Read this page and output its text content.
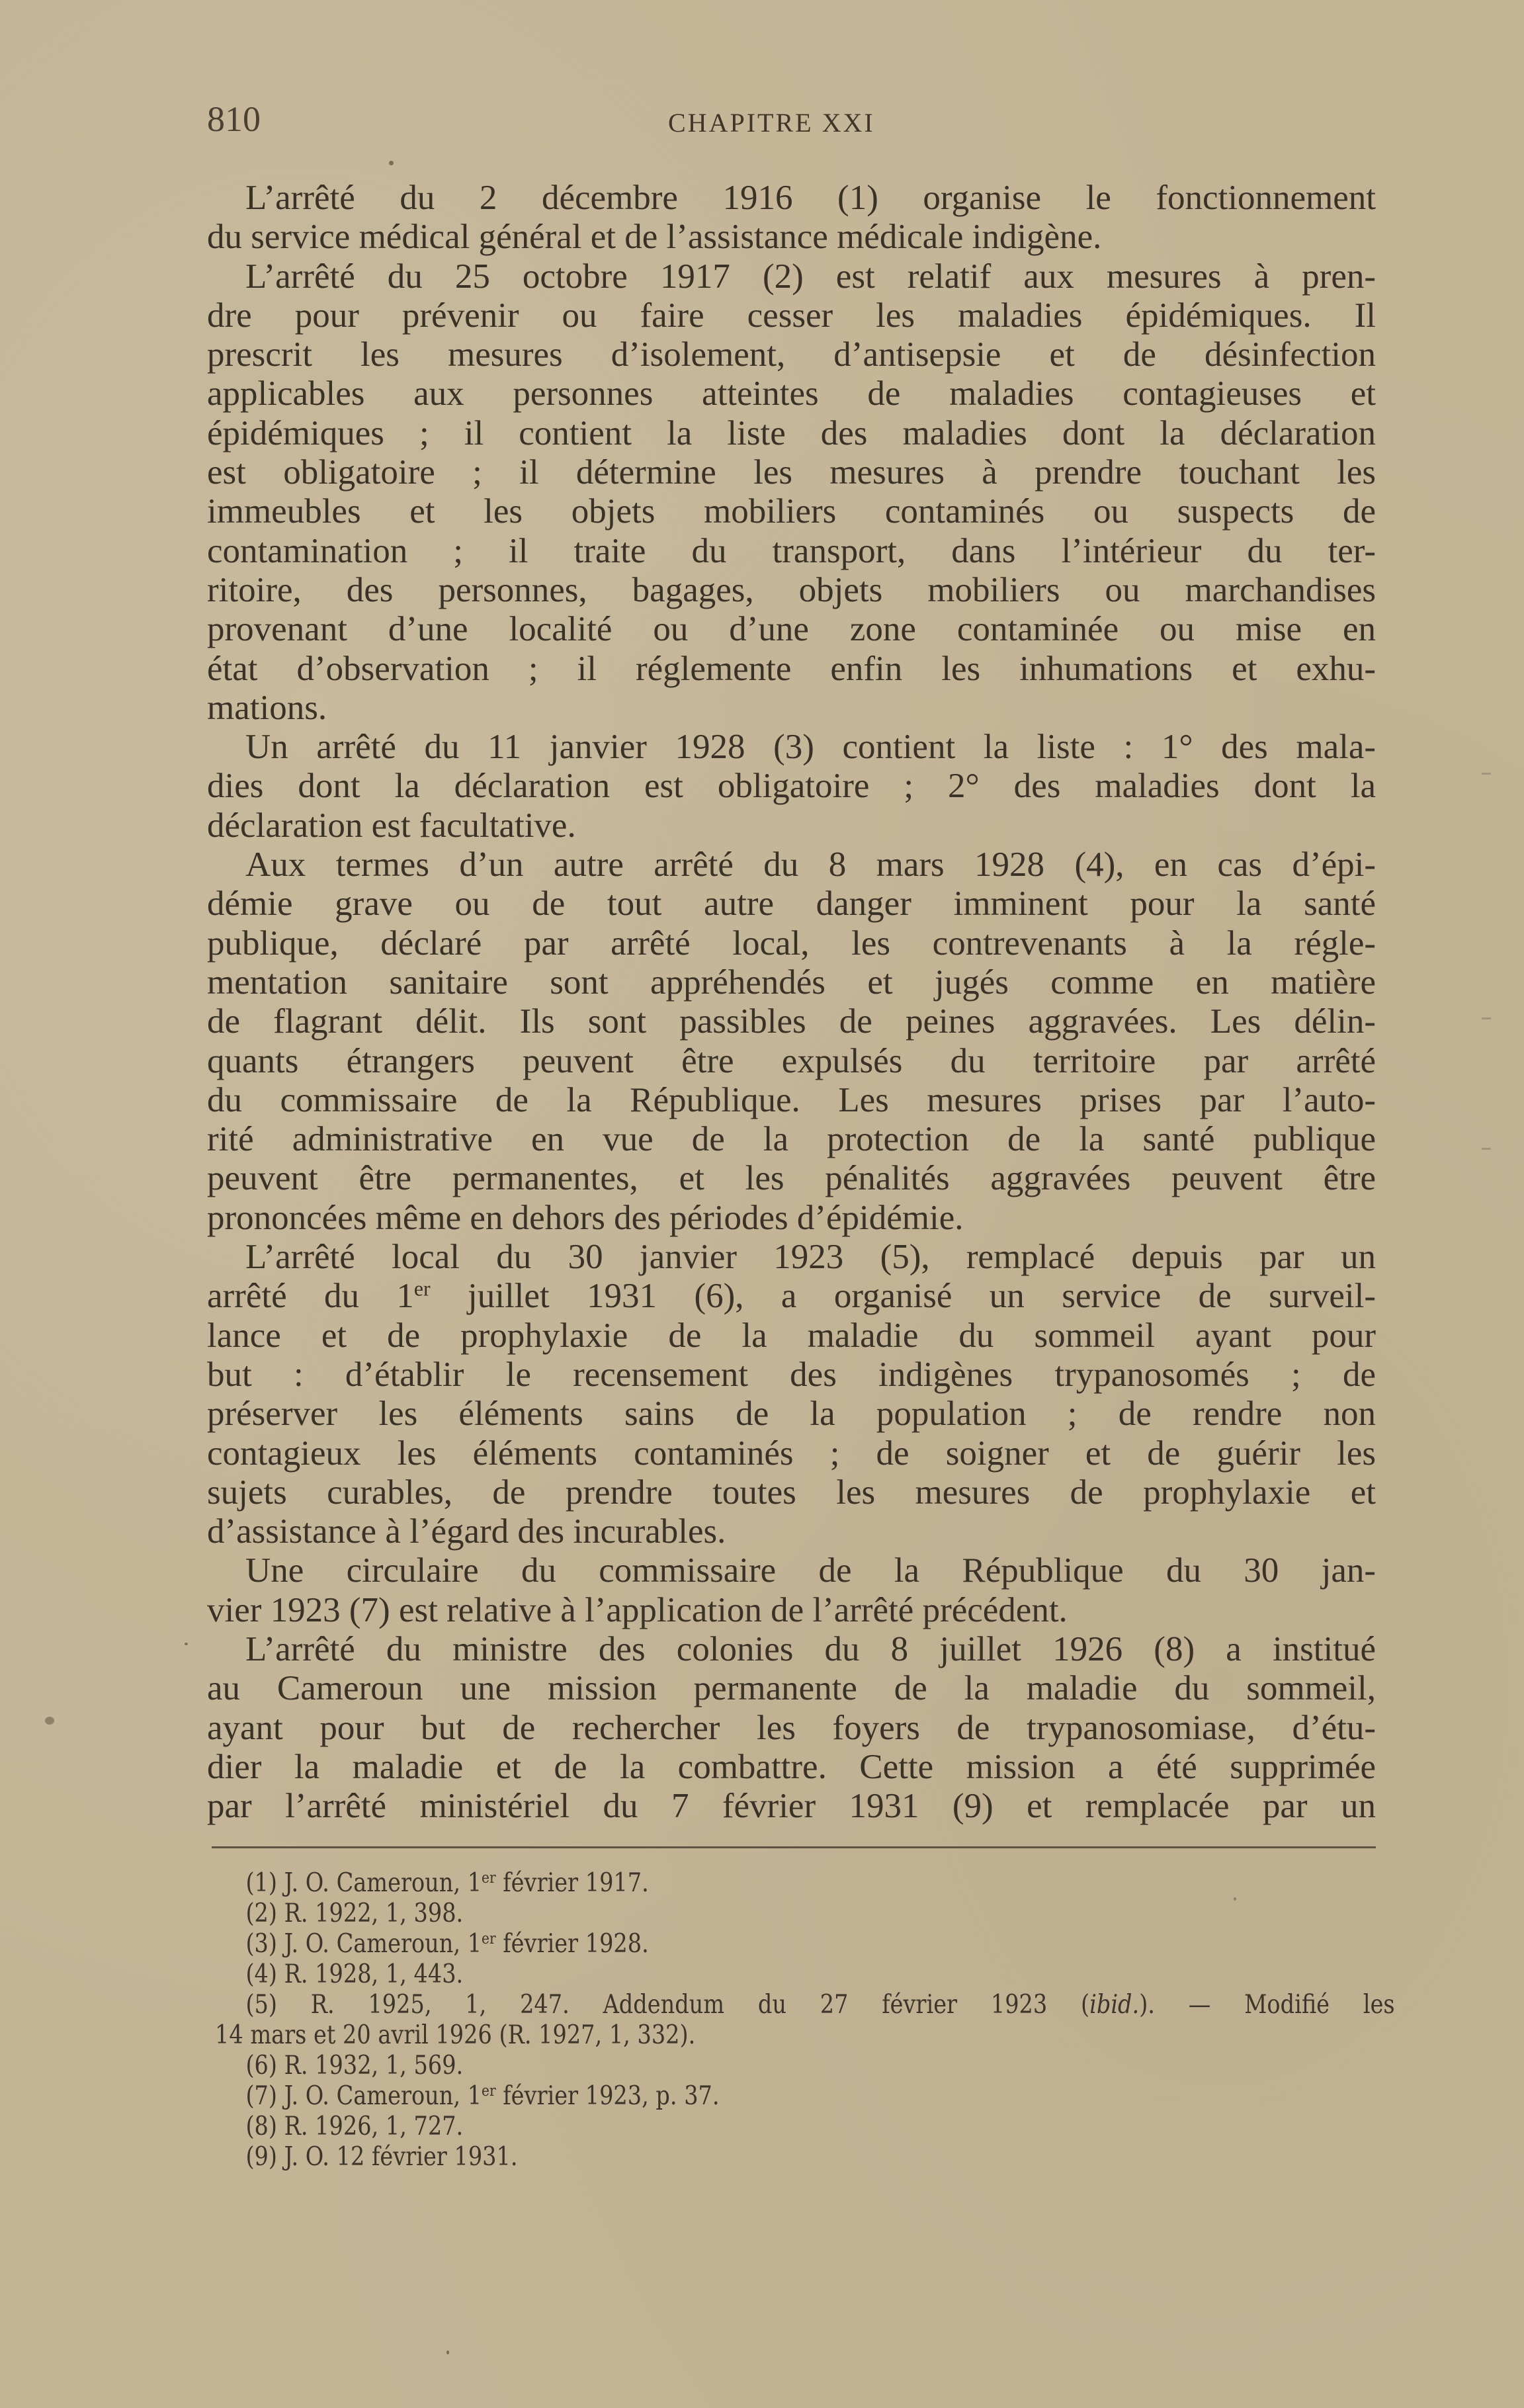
810	CHAPITRE XXI
L’arrêté du 2 décembre 1916 (1) organise le fonctionnement
du service médical général et de l’assistance médicale indigène.
L’arrêté du 25 octobre 1917 (2) est relatif aux mesures à pren-
dre pour prévenir ou faire cesser les maladies épidémiques. Il
prescrit les mesures d’isolement, d’antisepsie et de désinfection
applicables aux personnes atteintes de maladies contagieuses et
épidémiques ; il contient la liste des maladies dont la déclaration
est obligatoire ; il détermine les mesures à prendre touchant les
immeubles et les objets mobiliers contaminés ou suspects de
contamination ; il traite du transport, dans l’intérieur du ter-
ritoire, des personnes, bagages, objets mobiliers ou marchandises
provenant d’une localité ou d’une zone contaminée ou mise en
état d’observation ; il réglemente enfin les inhumations et exhu-
mations.
Un arrêté du 11 janvier 1928 (3) contient la liste : 1° des mala-
dies dont la déclaration est obligatoire ; 2° des maladies dont la
déclaration est facultative.
Aux termes d’un autre arrêté du 8 mars 1928 (4), en cas d’épi-
démie grave ou de tout autre danger imminent pour la santé
publique, déclaré par arrêté local, les contrevenants à la régle-
mentation sanitaire sont appréhendés et jugés comme en matière
de flagrant délit. Ils sont passibles de peines aggravées. Les délin-
quants étrangers peuvent être expulsés du territoire par arrêté
du commissaire de la République. Les mesures prises par l’auto-
rité administrative en vue de la protection de la santé publique
peuvent être permanentes, et les pénalités aggravées peuvent être
prononcées même en dehors des périodes d’épidémie.
L’arrêté local du 30 janvier 1923 (5), remplacé depuis par un
arrêté du 1er juillet 1931 (6), a organisé un service de surveil-
lance et de prophylaxie de la maladie du sommeil ayant pour
but : d’établir le recensement des indigènes trypanosomés ; de
préserver les éléments sains de la population ; de rendre non
contagieux les éléments contaminés ; de soigner et de guérir les
sujets curables, de prendre toutes les mesures de prophylaxie et
d’assistance à l’égard des incurables.
Une circulaire du commissaire de la République du 30 jan-
vier 1923 (7) est relative à l’application de l’arrêté précédent.
L’arrêté du ministre des colonies du 8 juillet 1926 (8) a institué
au Cameroun une mission permanente de la maladie du sommeil,
ayant pour but de rechercher les foyers de trypanosomiase, d’étu-
dier la maladie et de la combattre. Cette mission a été supprimée
par l’arrêté ministériel du 7 février 1931 (9) et remplacée par un
(1) J. O. Cameroun, 1er février 1917.
(2) R. 1922, 1, 398.
(3) J. O. Cameroun, 1er février 1928.
(4) R. 1928, 1, 443.
(5) R. 1925, 1, 247. Addendum du 27 février 1923 (ibid.). — Modifié les
14 mars et 20 avril 1926 (R. 1927, 1, 332).
(6) R. 1932, 1, 569.
(7) J. O. Cameroun, 1er février 1923, p. 37.
(8) R. 1926, 1, 727.
(9) J. O. 12 février 1931.
